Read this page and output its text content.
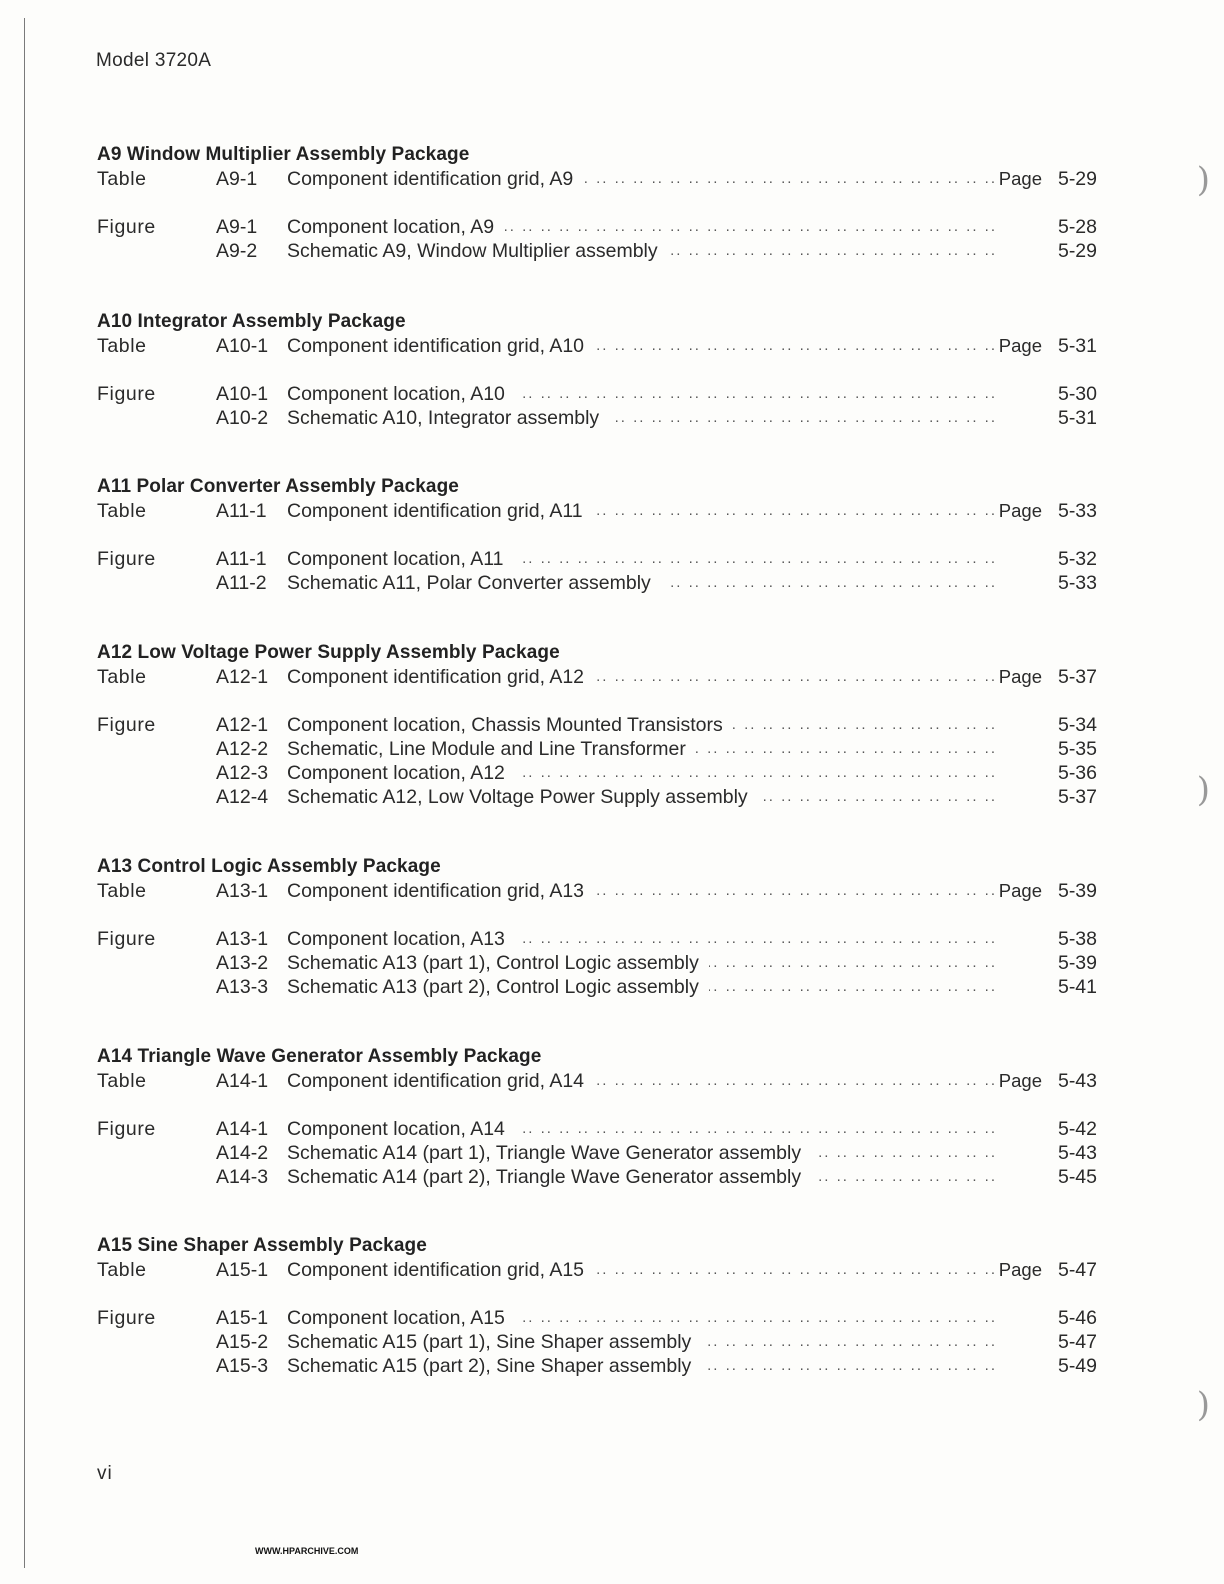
Model 3720A
A9 Window Multiplier Assembly Package
Table	A9-1 Component identification grid, A9 .. ..	Page 5-29
Figure	A9-1 Component location, A9 .. ..	5-28
A9-2 Schematic A9, Window Multiplier assembly .. ..	5-29
A10 Integrator Assembly Package
Table	A10-1 Component identification grid, A10 .. ..	Page 5-31
Figure	A10-1 Component location, A10 .. ..	5-30
A10-2 Schematic A10, Integrator assembly .. ..	5-31
A11 Polar Converter Assembly Package
Table	A11-1 Component identification grid, A11 .. ..	Page 5-33
Figure	A11-1 Component location, A11 .. ..	5-32
A11-2 Schematic A11, Polar Converter assembly .. ..	5-33
A12 Low Voltage Power Supply Assembly Package
Table	A12-1 Component identification grid, A12 .. ..	Page 5-37
Figure	A12-1 Component location, Chassis Mounted Transistors .. ..	5-34
A12-2 Schematic, Line Module and Line Transformer .. ..	5-35
A12-3 Component location, A12 .. ..	5-36
A12-4 Schematic A12, Low Voltage Power Supply assembly .. ..	5-37
A13 Control Logic Assembly Package
Table	A13-1 Component identification grid, A13 .. ..	Page 5-39
Figure	A13-1 Component location, A13 .. ..	5-38
A13-2 Schematic A13 (part 1), Control Logic assembly .. ..	5-39
A13-3 Schematic A13 (part 2), Control Logic assembly .. ..	5-41
A14 Triangle Wave Generator Assembly Package
Table	A14-1 Component identification grid, A14 .. ..	Page 5-43
Figure	A14-1 Component location, A14 .. ..	5-42
A14-2 Schematic A14 (part 1), Triangle Wave Generator assembly .. ..	5-43
A14-3 Schematic A14 (part 2), Triangle Wave Generator assembly .. ..	5-45
A15 Sine Shaper Assembly Package
Table	A15-1 Component identification grid, A15 .. ..	Page 5-47
Figure	A15-1 Component location, A15 .. ..	5-46
A15-2 Schematic A15 (part 1), Sine Shaper assembly .. ..	5-47
A15-3 Schematic A15 (part 2), Sine Shaper assembly .. ..	5-49
vi
WWW.HPARCHIVE.COM
)
)
)
